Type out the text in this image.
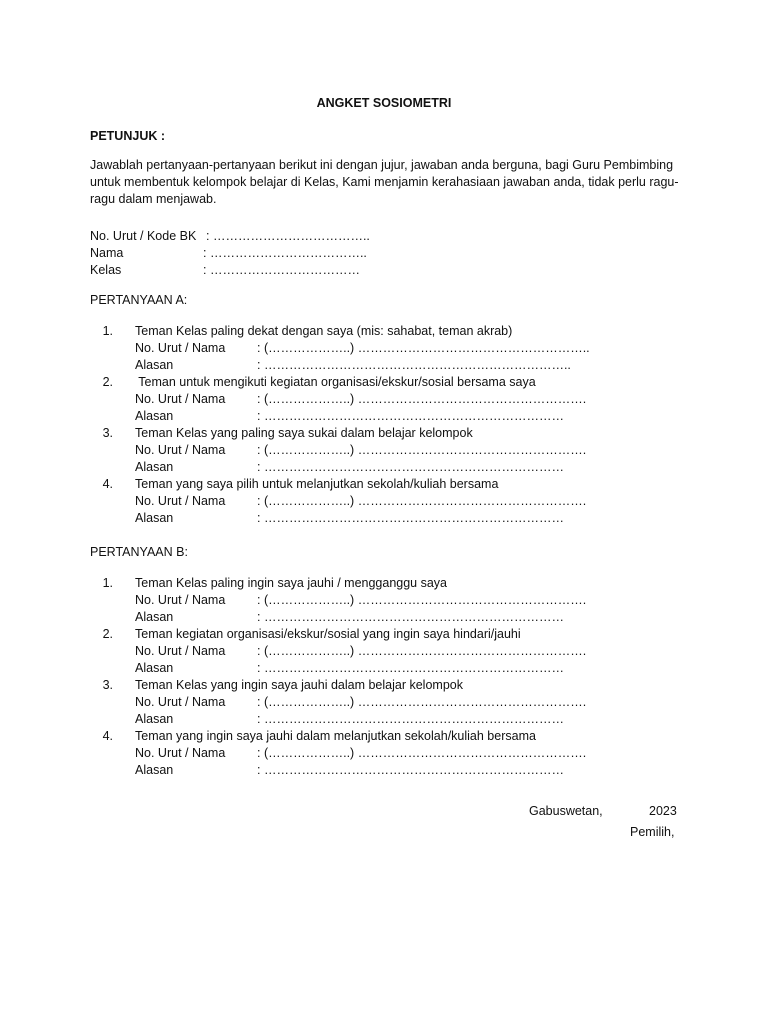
ANGKET SOSIOMETRI
PETUNJUK :
Jawablah pertanyaan-pertanyaan berikut ini dengan jujur, jawaban anda berguna, bagi Guru Pembimbing untuk membentuk kelompok belajar di Kelas, Kami menjamin kerahasiaan jawaban anda, tidak perlu ragu-ragu dalam menjawab.
No. Urut / Kode BK : ………………………………..
Nama	: ………………………………..
Kelas	: ………………………………
PERTANYAAN A:
1. Teman Kelas paling dekat dengan saya (mis: sahabat, teman akrab)
No. Urut / Nama	: (………………..) ………………………………………………..
Alasan	: ………………………………………………………………..
2. Teman untuk mengikuti kegiatan organisasi/ekskur/sosial bersama saya
No. Urut / Nama	: (………………..) ……………………………………………….
Alasan	: ………………………………………………………………
3. Teman Kelas yang paling saya sukai dalam belajar kelompok
No. Urut / Nama	: (………………..) ……………………………………………….
Alasan	: ………………………………………………………………
4. Teman yang saya pilih untuk melanjutkan sekolah/kuliah bersama
No. Urut / Nama	: (………………..) ……………………………………………….
Alasan	: ………………………………………………………………
PERTANYAAN B:
1. Teman Kelas paling ingin saya jauhi / mengganggu saya
No. Urut / Nama	: (………………..) ……………………………………………….
Alasan	: ………………………………………………………………
2. Teman kegiatan organisasi/ekskur/sosial yang ingin saya hindari/jauhi
No. Urut / Nama	: (………………..) ……………………………………………….
Alasan	: ………………………………………………………………
3. Teman Kelas yang ingin saya jauhi dalam belajar kelompok
No. Urut / Nama	: (………………..) ……………………………………………….
Alasan	: ………………………………………………………………
4. Teman yang ingin saya jauhi dalam melanjutkan sekolah/kuliah bersama
No. Urut / Nama	: (………………..) ……………………………………………….
Alasan	: ………………………………………………………………
Gabuswetan,	2023
Pemilih,
